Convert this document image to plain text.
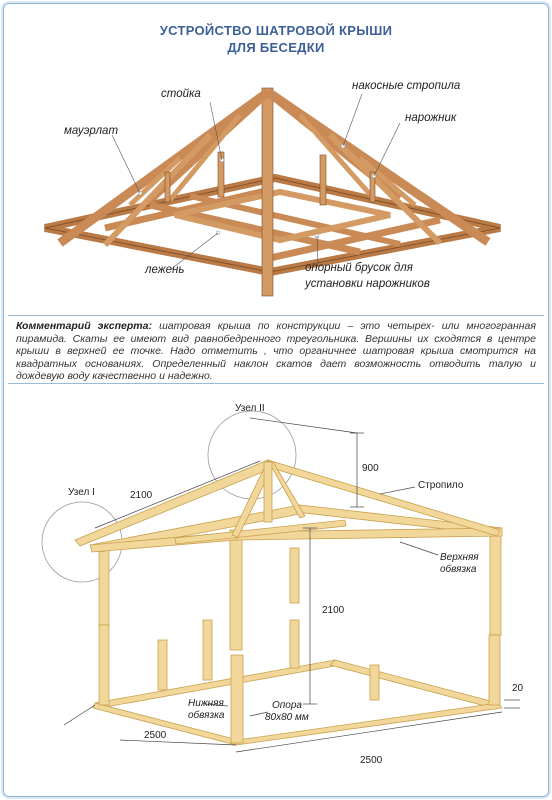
УСТРОЙСТВО ШАТРОВОЙ КРЫШИ
ДЛЯ БЕСЕДКИ
стойка
накосные стропила
мауэрлат
нарожник
лежень	опорный брусок для
установки нарожников
Комментарий эксперта: шатровая крыша по конструкции – это четырех- или многогранная пирамида. Скаты ее имеют вид равнобедренного треугольника. Вершины их сходятся в центре крыши в верхней ее точке. Надо отметить , что органичнее шатровая крыша смотрится на квадратных основаниях. Определенный наклон скатов дает возможность отводить талую и дождевую воду качественно и надежно.
Узел II
Узел I
900
2100
Стропило
Верхняя
обвязка
2100
Нижняя
обвязка
Опора
80х80 мм
20
2500
2500
